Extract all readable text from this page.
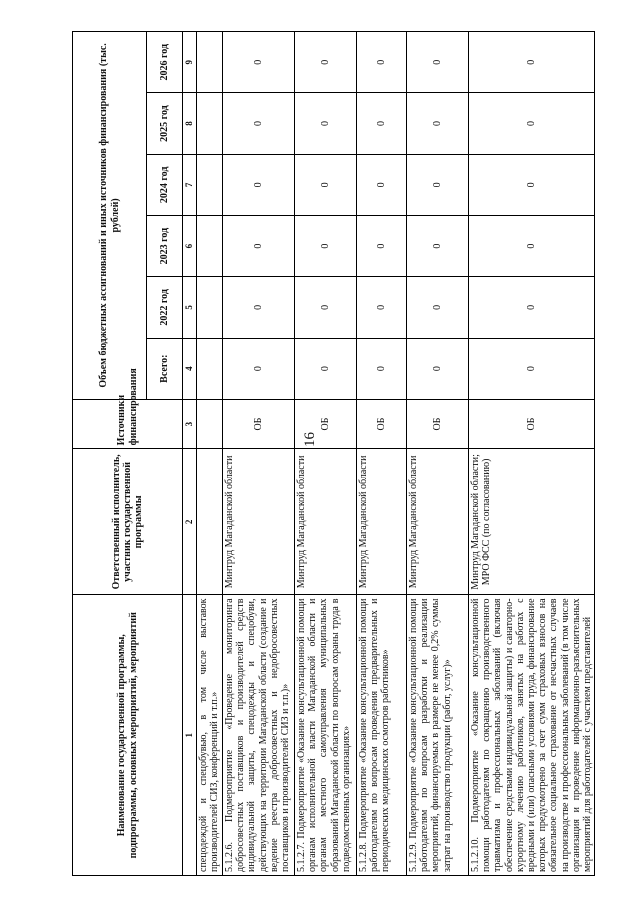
16
Наименование государственной программы, подпрограммы, основных мероприятий, мероприятий	Ответственный исполнитель, участник государственной программы	Источники финансирования	Объем бюджетных ассигнований и иных источников финансирования (тыс. рублей)					
			Всего:	2022 год	2023 год	2024 год	2025 год	2026 год
1	2	3	4	5	6	7	8	9
спецодеждой и спецобувью, в том числе выставок производителей СИЗ, конференций и т.п.»								
5.1.2.6. Подмероприятие «Проведение мониторинга добросовестных поставщиков и производителей средств индивидуальной защиты, спецодежды и спецобуви, действующих на территории Магаданской области (создание и ведение реестра добросовестных и недобросовестных поставщиков и производителей СИЗ и т.п.)»	Минтруд Магаданской области	ОБ	0	0	0	0	0	0
5.1.2.7. Подмероприятие «Оказание консультационной помощи органам исполнительной власти Магаданской области и органам местного самоуправления муниципальных образований Магаданской области по вопросам охраны труда в подведомственных организациях»	Минтруд Магаданской области	ОБ	0	0	0	0	0	0
5.1.2.8. Подмероприятие «Оказание консультационной помощи работодателям по вопросам проведения предварительных и периодических медицинских осмотров работников»	Минтруд Магаданской области	ОБ	0	0	0	0	0	0
5.1.2.9. Подмероприятие «Оказание консультационной помощи работодателям по вопросам разработки и реализации мероприятий, финансируемых в размере не менее 0,2% суммы затрат на производство продукции (работ, услуг)»	Минтруд Магаданской области	ОБ	0	0	0	0	0	0
5.1.2.10. Подмероприятие «Оказание консультационной помощи работодателям по сокращению производственного травматизма и профессиональных заболеваний (включая обеспечение средствами индивидуальной защиты) и санаторно-курортному лечению работников, занятых на работах с вредными и (или) опасными условиями труда, финансирование которых предусмотрено за счет сумм страховых взносов на обязательное социальное страхование от несчастных случаев на производстве и профессиональных заболеваний (в том числе организация и проведение информационно-разъяснительных мероприятий для работодателей с участием представителей	Минтруд Магаданской области; МРО ФСС (по согласованию)	ОБ	0	0	0	0	0	0
